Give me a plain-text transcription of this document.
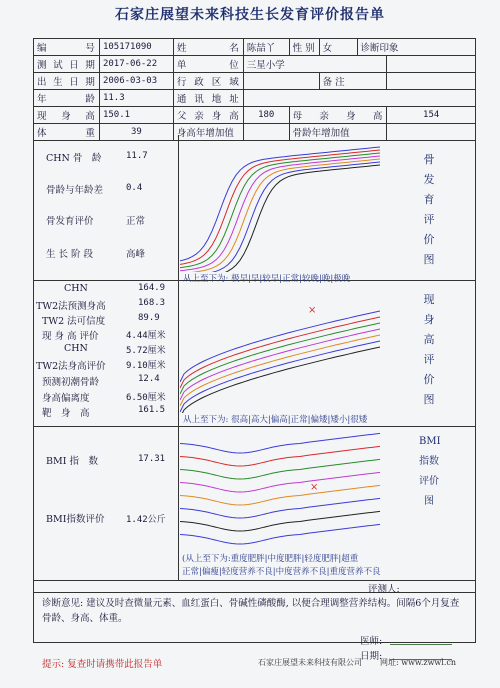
石家庄展望未来科技生长发育评价报告单
编　　　号	105171090	姓　　名	陈喆丫	性 别	女	诊断印象	
测试日期	2017-06-22	单　　位	三星小学				
出生日期	2006-03-03	行政区域			备 注		
年　　龄	11.3	通讯地址					
现　身　高	150.1	父亲身高	180	母亲身高			154
体　　重	39	身高年增加值		骨龄年增加值			
CHN 骨　龄	11.7
骨龄与年龄差	0.4
骨发育评价	正常
生 长 阶 段	高峰
CHN	164.9
TW2法预测身高	168.3
TW2 法可信度	89.9
现 身 高 评价	4.44厘米
CHN	5.72厘米
TW2法身高评价 9.10厘米
预测初潮骨龄	12.4
身高偏离度	6.50厘米
靶　身　高	161.5
BMI 指　数	17.31
BMI指数评价 1.42公斤
×
×
从上至下为: 极早|早|较早|正常|较晚|晚|极晚
从上至下为: 很高|高大|偏高|正常|偏矮|矮小|很矮
(从上至下为:重度肥胖|中度肥胖|轻度肥胖|超重
正常|偏瘦|轻度营养不良|中度营养不良|重度营养不良
骨发育评价图
现身高评价图
BMI指数评价图
评测人:
诊断意见: 建议及时查微量元素、血红蛋白、骨碱性磷酸酶, 以便合理调整营养结构。间隔6个月复查骨龄、身高、体重。
医师:
日期:
提示: 复查时请携带此报告单	石家庄展望未来科技有限公司 网址: www.zwwl.cn
